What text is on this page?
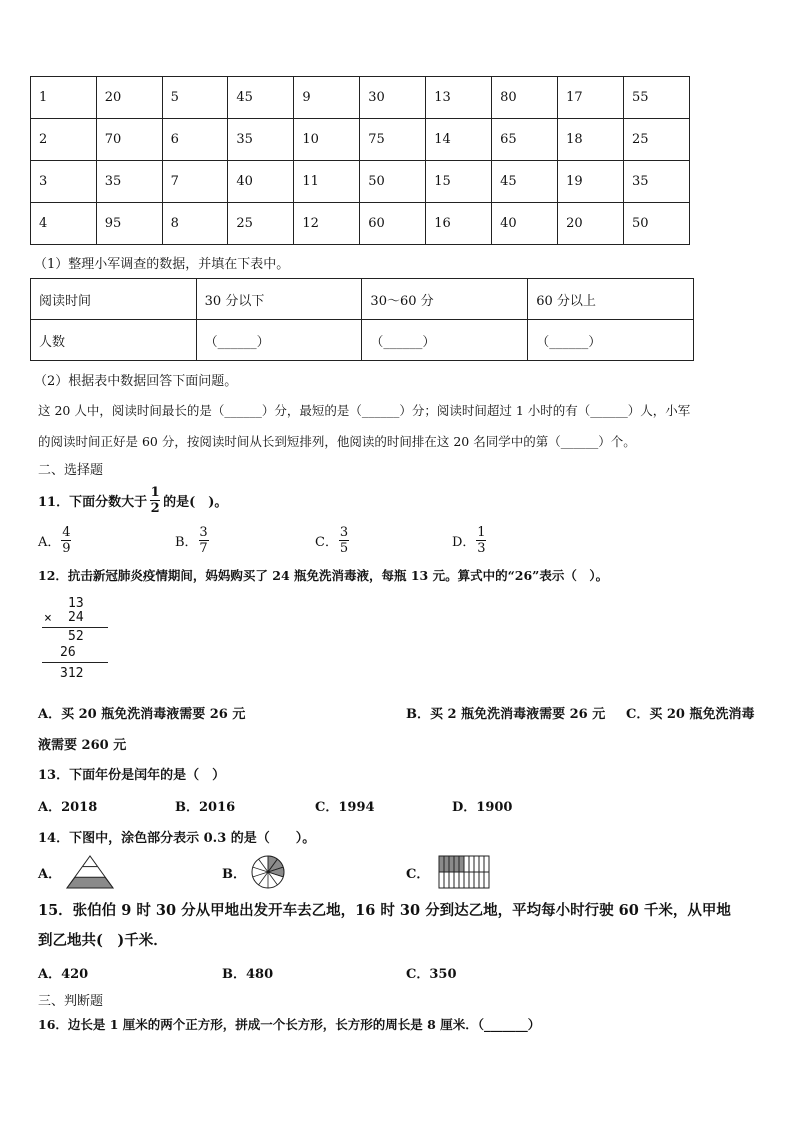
1	20	5	45	9	30	13	80	17	55
2	70	6	35	10	75	14	65	18	25
3	35	7	40	11	50	15	45	19	35
4	95	8	25	12	60	16	40	20	50
（1）整理小军调查的数据，并填在下表中。
阅读时间	30 分以下	30～60 分	60 分以上
人数	（______）	（______）	（______）
（2）根据表中数据回答下面问题。
这 20 人中，阅读时间最长的是（______）分，最短的是（______）分；阅读时间超过 1 小时的有（______）人，小军
的阅读时间正好是 60 分，按阅读时间从长到短排列，他阅读的时间排在这 20 名同学中的第（______）个。
二、选择题
11．下面分数大于 $\frac{1}{2}$ 的是(　)。
A． $\frac{4}{9}$	B． $\frac{3}{7}$	C． $\frac{3}{5}$	D． $\frac{1}{3}$
12．抗击新冠肺炎疫情期间，妈妈购买了 24 瓶免洗消毒液，每瓶 13 元。算式中的“26”表示（　）。
13
× 24
52
26
312
A．买 20 瓶免洗消毒液需要 26 元	B．买 2 瓶免洗消毒液需要 26 元 C．买 20 瓶免洗消毒
液需要 260 元
13．下面年份是闰年的是（　）
A．2018	B．2016	C．1994	D．1900
14．下图中，涂色部分表示 0.3 的是（　　）。
A．	B．	C．
15．张伯伯 9 时 30 分从甲地出发开车去乙地，16 时 30 分到达乙地，平均每小时行驶 60 千米，从甲地
到乙地共(　)千米．
A．420	B．480	C．350
三、判断题
16．边长是 1 厘米的两个正方形，拼成一个长方形，长方形的周长是 8 厘米．（_______）
